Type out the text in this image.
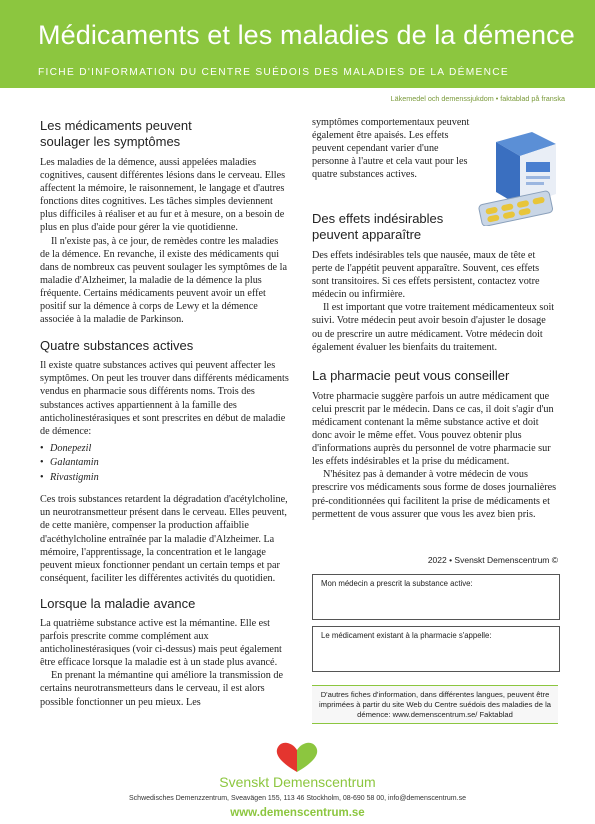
Médicaments et les maladies de la démence

FICHE D'INFORMATION DU CENTRE SUÉDOIS DES MALADIES DE LA DÉMENCE

Läkemedel och demenssjukdom • faktablad på franska
Les médicaments peuvent soulager les symptômes

Les maladies de la démence, aussi appelées maladies cognitives, causent différentes lésions dans le cerveau. Elles affectent la mémoire, le raisonnement, le langage et d'autres fonctions dites cognitives. Les tâches simples deviennent plus difficiles à réaliser et au fur et à mesure, on a besoin de plus en plus d'aide pour gérer la vie quotidienne.

Il n'existe pas, à ce jour, de remèdes contre les maladies de la démence. En revanche, il existe des médicaments qui dans de nombreux cas peuvent soulager les symptômes de la maladie d'Alzheimer, la maladie de la démence la plus fréquente. Certains médicaments peuvent avoir un effet positif sur la démence à corps de Lewy et la démence associée à la maladie de Parkinson.

Quatre substances actives

Il existe quatre substances actives qui peuvent affecter les symptômes. On peut les trouver dans différents médicaments vendus en pharmacie sous différents noms. Trois des substances actives appartiennent à la famille des anticholinestérasiques et sont prescrites en début de maladie de démence:

• Donepezil
• Galantamin
• Rivastigmin

Ces trois substances retardent la dégradation d'acétylcholine, un neurotransmetteur présent dans le cerveau. Elles peuvent, de cette manière, compenser la production affaiblie d'acéthylcholine entraînée par la maladie d'Alzheimer. La mémoire, l'apprentissage, la concentration et le langage peuvent mieux fonctionner pendant un certain temps et par conséquent, faciliter les différentes activités du quotidien.

Lorsque la maladie avance

La quatrième substance active est la mémantine. Elle est parfois prescrite comme complément aux anticholinestérasiques (voir ci-dessus) mais peut également être efficace lorsque la maladie est à un stade plus avancé.

En prenant la mémantine qui améliore la transmission de certains neurotransmetteurs dans le cerveau, il est alors possible fonctionner un peu mieux. Les

symptômes comportementaux peuvent également être apaisés. Les effets peuvent cependant varier d'une personne à l'autre et cela vaut pour les quatre substances actives.

Des effets indésirables peuvent apparaître

Des effets indésirables tels que nausée, maux de tête et perte de l'appétit peuvent apparaître. Souvent, ces effets sont transitoires. Si ces effets persistent, contactez votre médecin ou infirmière.

Il est important que votre traitement médicamenteux soit suivi. Votre médecin peut avoir besoin d'ajuster le dosage ou de prescrire un autre médicament. Votre médecin doit également évaluer les bienfaits du traitement.

La pharmacie peut vous conseiller

Votre pharmacie suggère parfois un autre médicament que celui prescrit par le médecin. Dans ce cas, il doit s'agir d'un médicament contenant la même substance active et doit donc avoir le même effet. Vous pouvez obtenir plus d'informations auprès du personnel de votre pharmacie sur les effets indésirables et la prise du médicament.

N'hésitez pas à demander à votre médecin de vous prescrire vos médicaments sous forme de doses journalières pré-conditionnées qui facilitent la prise de médicaments et permettent de vous assurer que vous les avez bien pris.

2022 • Svenskt Demenscentrum ©
Mon médecin a prescrit la substance active:
Le médicament existant à la pharmacie s'appelle:
D'autres fiches d'information, dans différentes langues, peuvent être imprimées à partir du site Web du Centre suédois des maladies de la démence: www.demenscentrum.se/ Faktablad
Svenskt Demenscentrum
Schwedisches Demenzzentrum, Sveavägen 155, 113 46 Stockholm, 08-690 58 00, info@demenscentrum.se
www.demenscentrum.se
